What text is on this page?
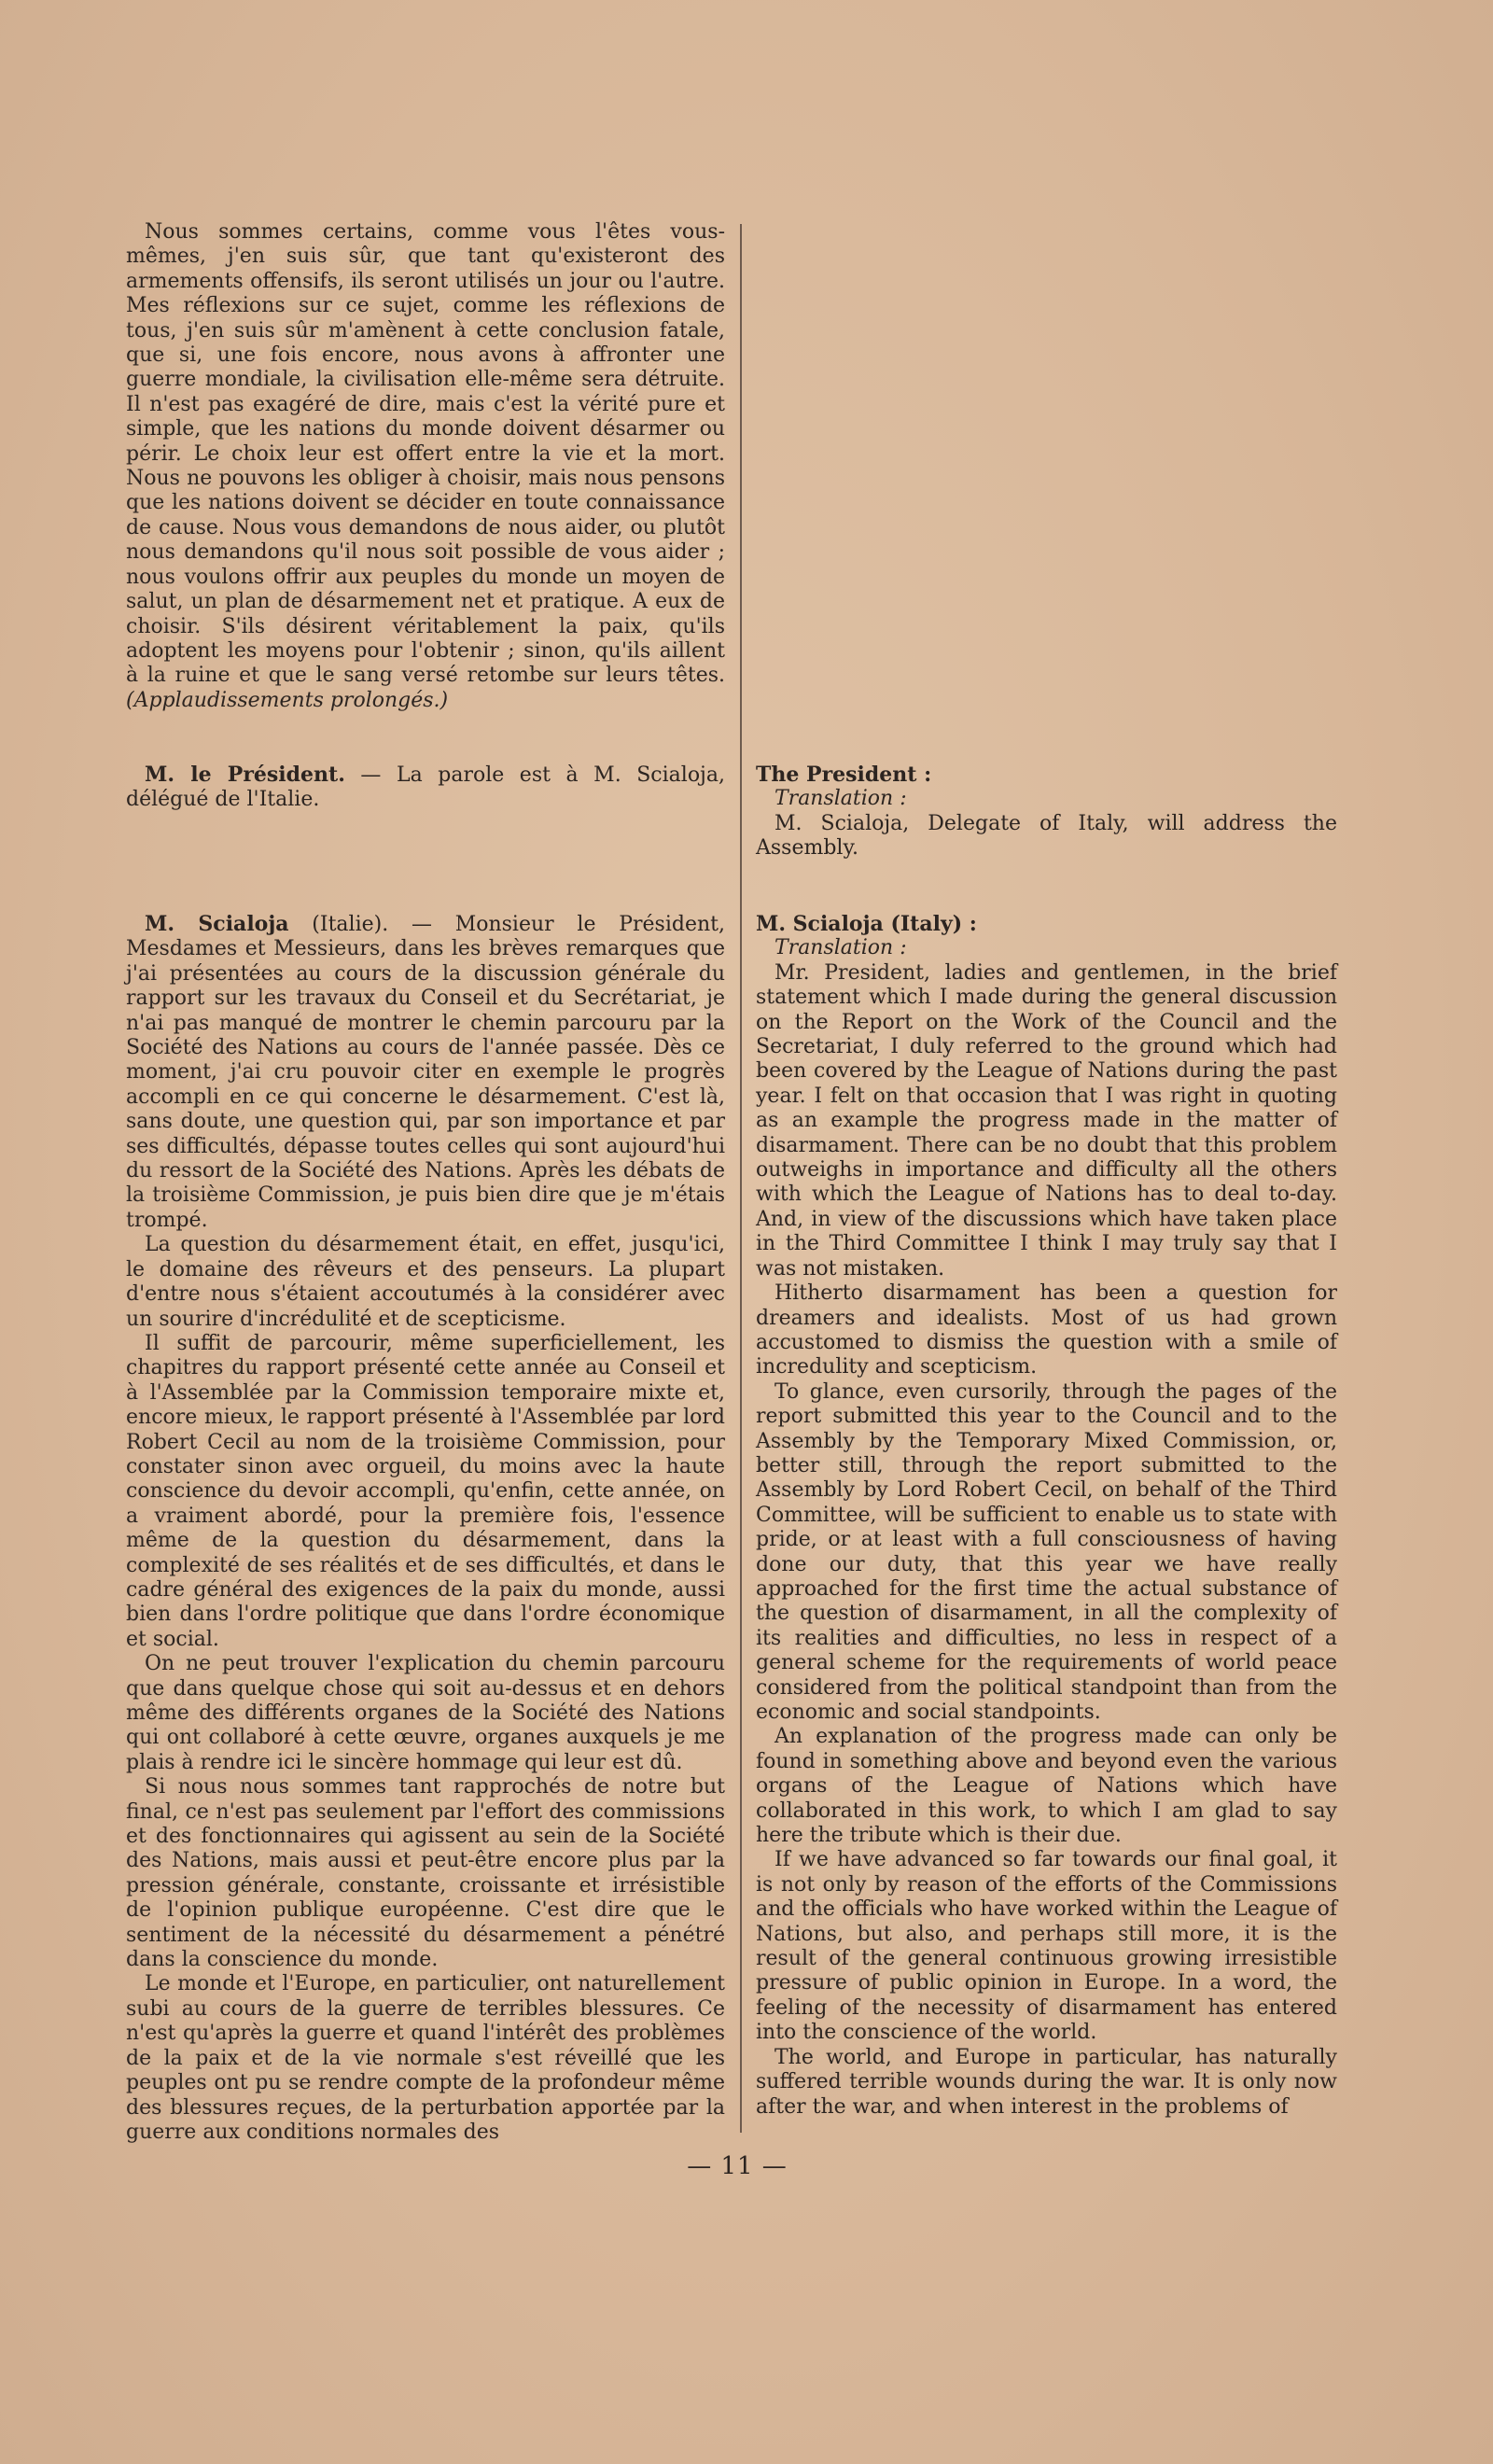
Nous sommes certains, comme vous l'êtes vous-mêmes, j'en suis sûr, que tant qu'existeront des armements offensifs, ils seront utilisés un jour ou l'autre. Mes réflexions sur ce sujet, comme les réflexions de tous, j'en suis sûr m'amènent à cette conclusion fatale, que si, une fois encore, nous avons à affronter une guerre mondiale, la civilisation elle-même sera détruite. Il n'est pas exagéré de dire, mais c'est la vérité pure et simple, que les nations du monde doivent désarmer ou périr. Le choix leur est offert entre la vie et la mort. Nous ne pouvons les obliger à choisir, mais nous pensons que les nations doivent se décider en toute connaissance de cause. Nous vous demandons de nous aider, ou plutôt nous demandons qu'il nous soit possible de vous aider ; nous voulons offrir aux peuples du monde un moyen de salut, un plan de désarmement net et pratique. A eux de choisir. S'ils désirent véritablement la paix, qu'ils adoptent les moyens pour l'obtenir ; sinon, qu'ils aillent à la ruine et que le sang versé retombe sur leurs têtes. (Applaudissements prolongés.)

M. le Président. — La parole est à M. Scialoja, délégué de l'Italie.

M. Scialoja (Italie). — Monsieur le Président, Mesdames et Messieurs, dans les brèves remarques que j'ai présentées au cours de la discussion générale du rapport sur les travaux du Conseil et du Secrétariat, je n'ai pas manqué de montrer le chemin parcouru par la Société des Nations au cours de l'année passée. Dès ce moment, j'ai cru pouvoir citer en exemple le progrès accompli en ce qui concerne le désarmement. C'est là, sans doute, une question qui, par son importance et par ses difficultés, dépasse toutes celles qui sont aujourd'hui du ressort de la Société des Nations. Après les débats de la troisième Commission, je puis bien dire que je m'étais trompé.

La question du désarmement était, en effet, jusqu'ici, le domaine des rêveurs et des penseurs. La plupart d'entre nous s'étaient accoutumés à la considérer avec un sourire d'incrédulité et de scepticisme.

Il suffit de parcourir, même superficiellement, les chapitres du rapport présenté cette année au Conseil et à l'Assemblée par la Commission temporaire mixte et, encore mieux, le rapport présenté à l'Assemblée par lord Robert Cecil au nom de la troisième Commission, pour constater sinon avec orgueil, du moins avec la haute conscience du devoir accompli, qu'enfin, cette année, on a vraiment abordé, pour la première fois, l'essence même de la question du désarmement, dans la complexité de ses réalités et de ses difficultés, et dans le cadre général des exigences de la paix du monde, aussi bien dans l'ordre politique que dans l'ordre économique et social.

On ne peut trouver l'explication du chemin parcouru que dans quelque chose qui soit au-dessus et en dehors même des différents organes de la Société des Nations qui ont collaboré à cette œuvre, organes auxquels je me plais à rendre ici le sincère hommage qui leur est dû.

Si nous nous sommes tant rapprochés de notre but final, ce n'est pas seulement par l'effort des commissions et des fonctionnaires qui agissent au sein de la Société des Nations, mais aussi et peut-être encore plus par la pression générale, constante, croissante et irrésistible de l'opinion publique européenne. C'est dire que le sentiment de la nécessité du désarmement a pénétré dans la conscience du monde.

Le monde et l'Europe, en particulier, ont naturellement subi au cours de la guerre de terribles blessures. Ce n'est qu'après la guerre et quand l'intérêt des problèmes de la paix et de la vie normale s'est réveillé que les peuples ont pu se rendre compte de la profondeur même des blessures reçues, de la perturbation apportée par la guerre aux conditions normales des

The President :

Translation :

M. Scialoja, Delegate of Italy, will address the Assembly.

M. Scialoja (Italy) :

Translation :

Mr. President, ladies and gentlemen, in the brief statement which I made during the general discussion on the Report on the Work of the Council and the Secretariat, I duly referred to the ground which had been covered by the League of Nations during the past year. I felt on that occasion that I was right in quoting as an example the progress made in the matter of disarmament. There can be no doubt that this problem outweighs in importance and difficulty all the others with which the League of Nations has to deal to-day. And, in view of the discussions which have taken place in the Third Committee I think I may truly say that I was not mistaken.

Hitherto disarmament has been a question for dreamers and idealists. Most of us had grown accustomed to dismiss the question with a smile of incredulity and scepticism.

To glance, even cursorily, through the pages of the report submitted this year to the Council and to the Assembly by the Temporary Mixed Commission, or, better still, through the report submitted to the Assembly by Lord Robert Cecil, on behalf of the Third Committee, will be sufficient to enable us to state with pride, or at least with a full consciousness of having done our duty, that this year we have really approached for the first time the actual substance of the question of disarmament, in all the complexity of its realities and difficulties, no less in respect of a general scheme for the requirements of world peace considered from the political standpoint than from the economic and social standpoints.

An explanation of the progress made can only be found in something above and beyond even the various organs of the League of Nations which have collaborated in this work, to which I am glad to say here the tribute which is their due.

If we have advanced so far towards our final goal, it is not only by reason of the efforts of the Commissions and the officials who have worked within the League of Nations, but also, and perhaps still more, it is the result of the general continuous growing irresistible pressure of public opinion in Europe. In a word, the feeling of the necessity of disarmament has entered into the conscience of the world.

The world, and Europe in particular, has naturally suffered terrible wounds during the war. It is only now after the war, and when interest in the problems of

— 11 —
